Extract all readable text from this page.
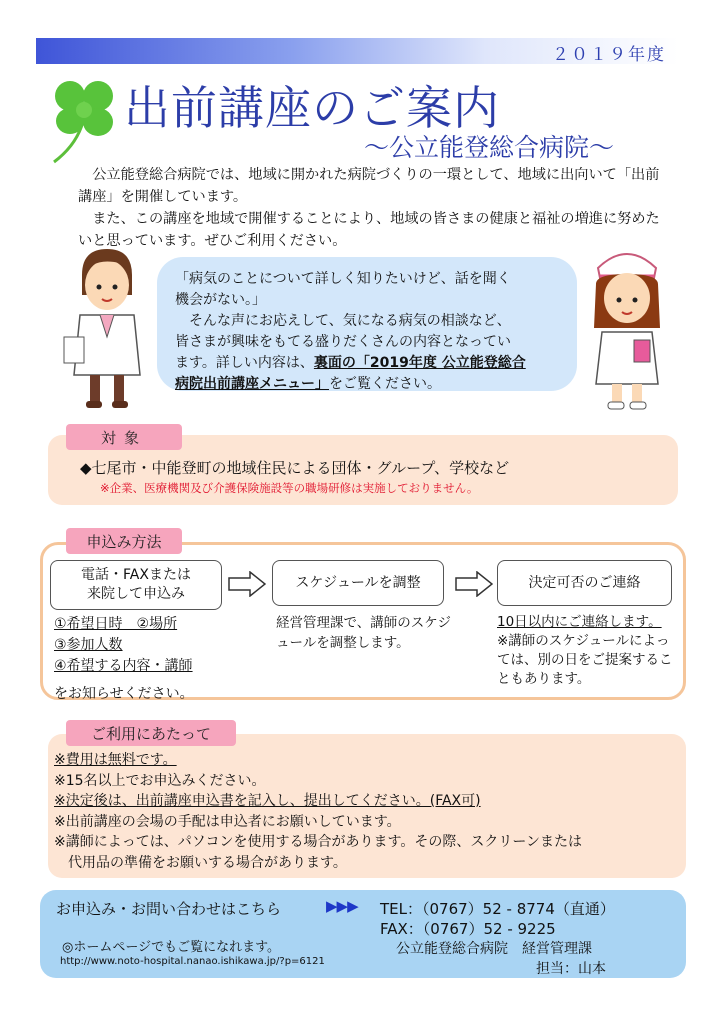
２０１９年度
出前講座のご案内
～公立能登総合病院～

公立能登総合病院では、地域に開かれた病院づくりの一環として、地域に出向いて「出前講座」を開催しています。

また、この講座を地域で開催することにより、地域の皆さまの健康と福祉の増進に努めたいと思っています。ぜひご利用ください。

「病気のことについて詳しく知りたいけど、話を聞く
機会がない。」
そんな声にお応えして、気になる病気の相談など、
皆さまが興味をもてる盛りだくさんの内容となってい
ます。詳しい内容は、裏面の「2019年度 公立能登総合
病院出前講座メニュー」をご覧ください。
対象
◆七尾市・中能登町の地域住民による団体・グループ、学校など
※企業、医療機関及び介護保険施設等の職場研修は実施しておりません。
申込み方法
電話・FAXまたは
来院して申込み
スケジュールを調整	決定可否のご連絡
①希望日時　②場所
③参加人数
④希望する内容・講師
をお知らせください。
経営管理課で、講師のスケジュールを調整します。
10日以内にご連絡します。
※講師のスケジュールによっては、別の日をご提案することもあります。
ご利用にあたって
※費用は無料です。
※15名以上でお申込みください。
※決定後は、出前講座申込書を記入し、提出してください。(FAX可)
※出前講座の会場の手配は申込者にお願いしています。
※講師によっては、パソコンを使用する場合があります。その際、スクリーンまたは
代用品の準備をお願いする場合があります。
お申込み・お問い合わせはこちら	▶▶▶ TEL：（0767）52 - 8774（直通）
FAX：（0767）52 - 9225
公立能登総合病院　経営管理課
担当：山本
◎ホームページでもご覧になれます。
http://www.noto-hospital.nanao.ishikawa.jp/?p=6121
